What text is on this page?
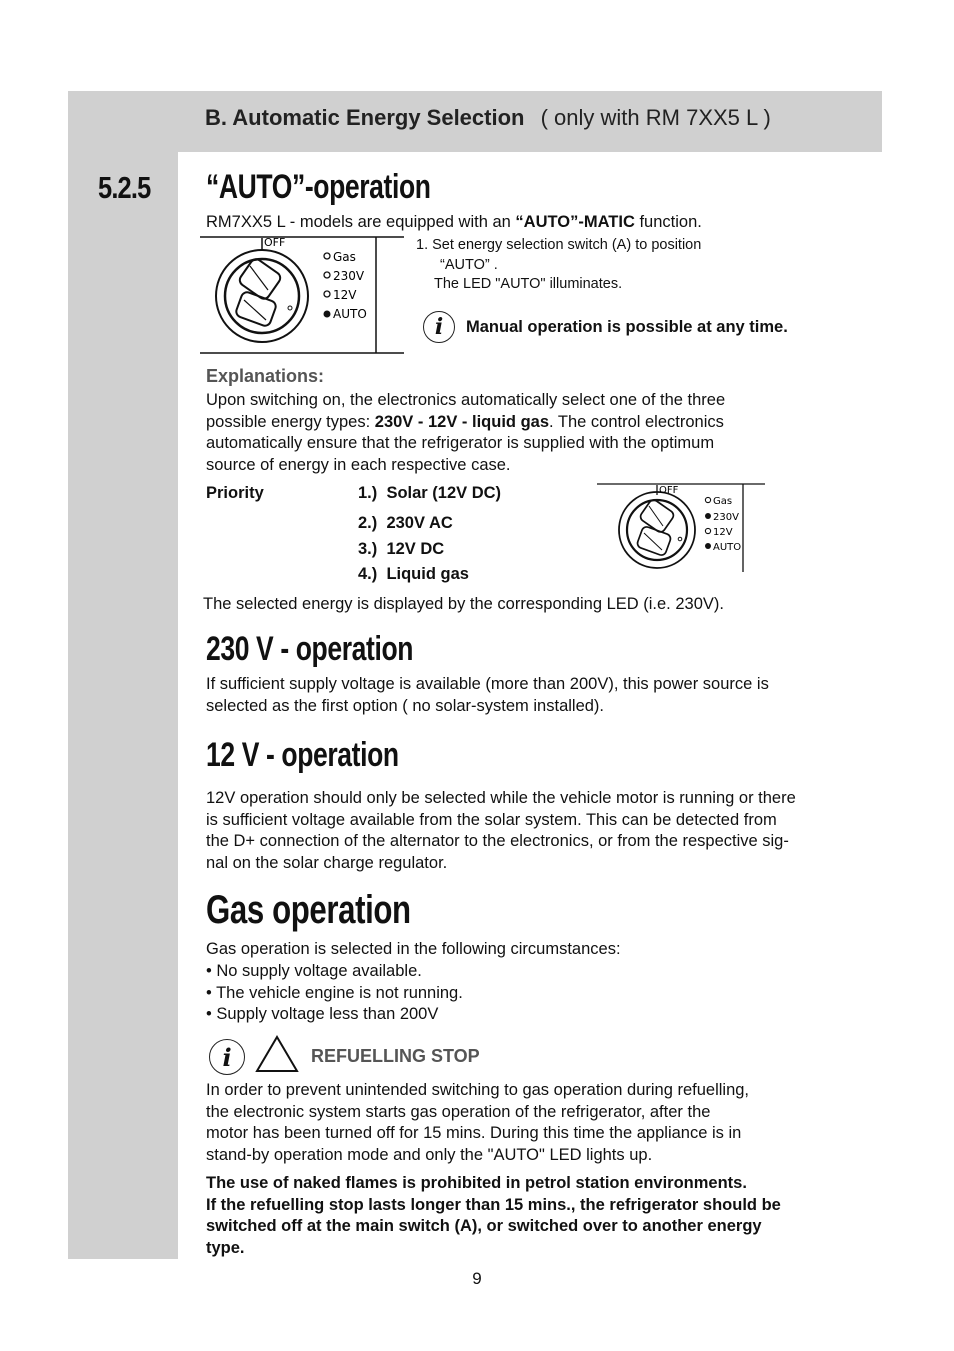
B. Automatic Energy Selection ( only with RM 7XX5 L )
5.2.5 “AUTO”-operation
RM7XX5 L - models are equipped with an “AUTO”-MATIC function.
OFF
Gas
230V
12V
AUTO
1. Set energy selection switch (A) to position
“AUTO” .
The LED "AUTO" illuminates.
i	Manual operation is possible at any time.
Explanations:
Upon switching on, the electronics automatically select one of the three
possible energy types: 230V - 12V - liquid gas. The control electronics
automatically ensure that the refrigerator is supplied with the optimum
source of energy in each respective case.
Priority	1.) Solar (12V DC)
2.) 230V AC
3.) 12V DC
4.) Liquid gas
OFF
Gas
230V
12V
AUTO
The selected energy is displayed by the corresponding LED (i.e. 230V).
230 V - operation
If sufficient supply voltage is available (more than 200V), this power source is
selected as the first option ( no solar-system installed).
12 V - operation
12V operation should only be selected while the vehicle motor is running or there
is sufficient voltage available from the solar system. This can be detected from
the D+ connection of the alternator to the electronics, or from the respective sig-
nal on the solar charge regulator.
Gas operation
Gas operation is selected in the following circumstances:
• No supply voltage available.
• The vehicle engine is not running.
• Supply voltage less than 200V
i	REFUELLING STOP
In order to prevent unintended switching to gas operation during refuelling,
the electronic system starts gas operation of the refrigerator, after the
motor has been turned off for 15 mins. During this time the appliance is in
stand-by operation mode and only the "AUTO" LED lights up.
The use of naked flames is prohibited in petrol station environments.
If the refuelling stop lasts longer than 15 mins., the refrigerator should be
switched off at the main switch (A), or switched over to another energy
type.
9
